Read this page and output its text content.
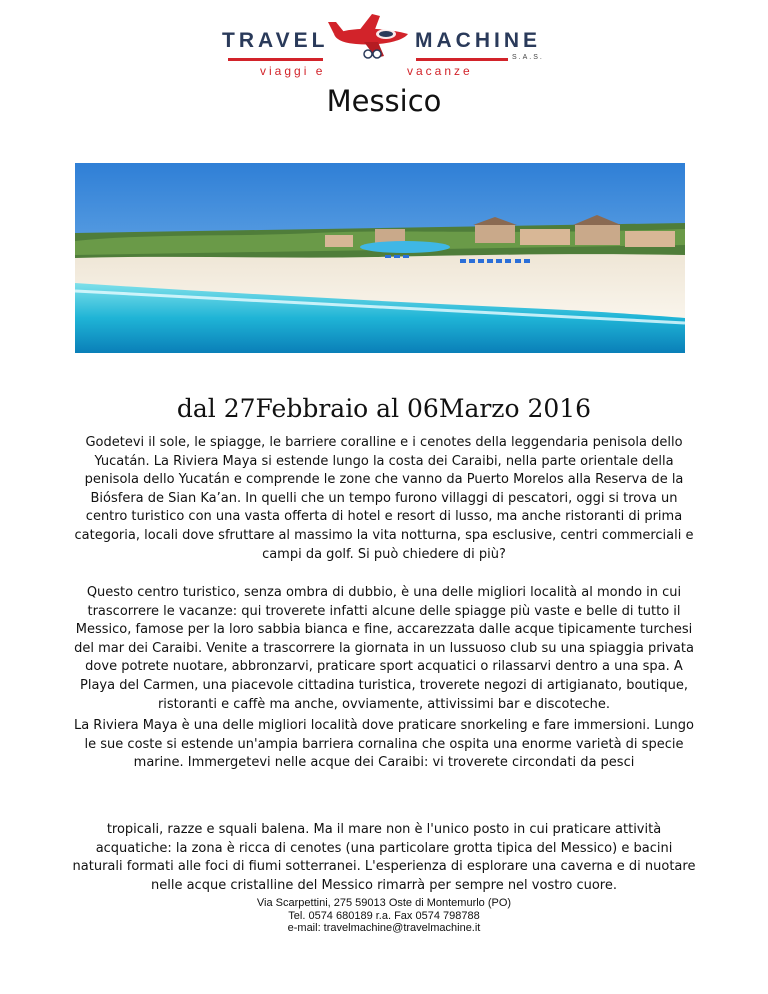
TRAVEL	MACHINE
S.A.S.
viaggi e	vacanze
Messico
dal 27Febbraio al 06Marzo 2016
Godetevi il sole, le spiagge, le barriere coralline e i cenotes della leggendaria penisola dello Yucatán. La Riviera Maya si estende lungo la costa dei Caraibi, nella parte orientale della penisola dello Yucatán e comprende le zone che vanno da Puerto Morelos alla Reserva de la Biósfera de Sian Ka’an. In quelli che un tempo furono villaggi di pescatori, oggi si trova un centro turistico con una vasta offerta di hotel e resort di lusso, ma anche ristoranti di prima categoria, locali dove sfruttare al massimo la vita notturna, spa esclusive, centri commerciali e campi da golf. Si può chiedere di più?
Questo centro turistico, senza ombra di dubbio, è una delle migliori località al mondo in cui trascorrere le vacanze: qui troverete infatti alcune delle spiagge più vaste e belle di tutto il Messico, famose per la loro sabbia bianca e fine, accarezzata dalle acque tipicamente turchesi del mar dei Caraibi. Venite a trascorrere la giornata in un lussuoso club su una spiaggia privata dove potrete nuotare, abbronzarvi, praticare sport acquatici o rilassarvi dentro a una spa. A Playa del Carmen, una piacevole cittadina turistica, troverete negozi di artigianato, boutique, ristoranti e caffè ma anche, ovviamente, attivissimi bar e discoteche.
La Riviera Maya è una delle migliori località dove praticare snorkeling e fare immersioni. Lungo le sue coste si estende un'ampia barriera cornalina che ospita una enorme varietà di specie marine. Immergetevi nelle acque dei Caraibi: vi troverete circondati da pesci
tropicali, razze e squali balena. Ma il mare non è l'unico posto in cui praticare attività acquatiche: la zona è ricca di cenotes (una particolare grotta tipica del Messico) e bacini naturali formati alle foci di fiumi sotterranei. L'esperienza di esplorare una caverna e di nuotare nelle acque cristalline del Messico rimarrà per sempre nel vostro cuore.
Via Scarpettini, 275 59013 Oste di Montemurlo (PO)
Tel. 0574 680189 r.a. Fax 0574 798788
e-mail: travelmachine@travelmachine.it
